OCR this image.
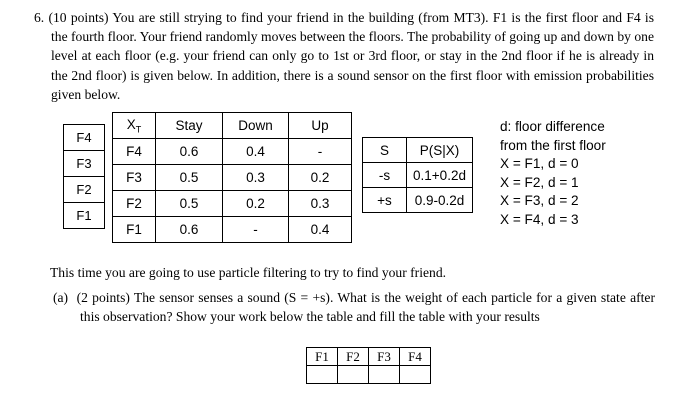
6. (10 points) You are still strying to find your friend in the building (from MT3). F1 is the first floor and F4 is the fourth floor. Your friend randomly moves between the floors. The probability of going up and down by one level at each floor (e.g. your friend can only go to 1st or 3rd floor, or stay in the 2nd floor if he is already in the 2nd floor) is given below. In addition, there is a sound sensor on the first floor with emission probabilities given below.
F4
F3
F2
F1
$X_T$	Stay	Down	Up
F4	0.6	0.4	-
F3	0.5	0.3	0.2
F2	0.5	0.2	0.3
F1	0.6	-	0.4
S	P(S|X)
-s	0.1+0.2d
+s	0.9-0.2d
d: floor difference
from the first floor
X = F1, d = 0
X = F2, d = 1
X = F3, d = 2
X = F4, d = 3
This time you are going to use particle filtering to try to find your friend.
(a) (2 points) The sensor senses a sound (S = +s). What is the weight of each particle for a given state after this observation? Show your work below the table and fill the table with your results
F1	F2	F3	F4
